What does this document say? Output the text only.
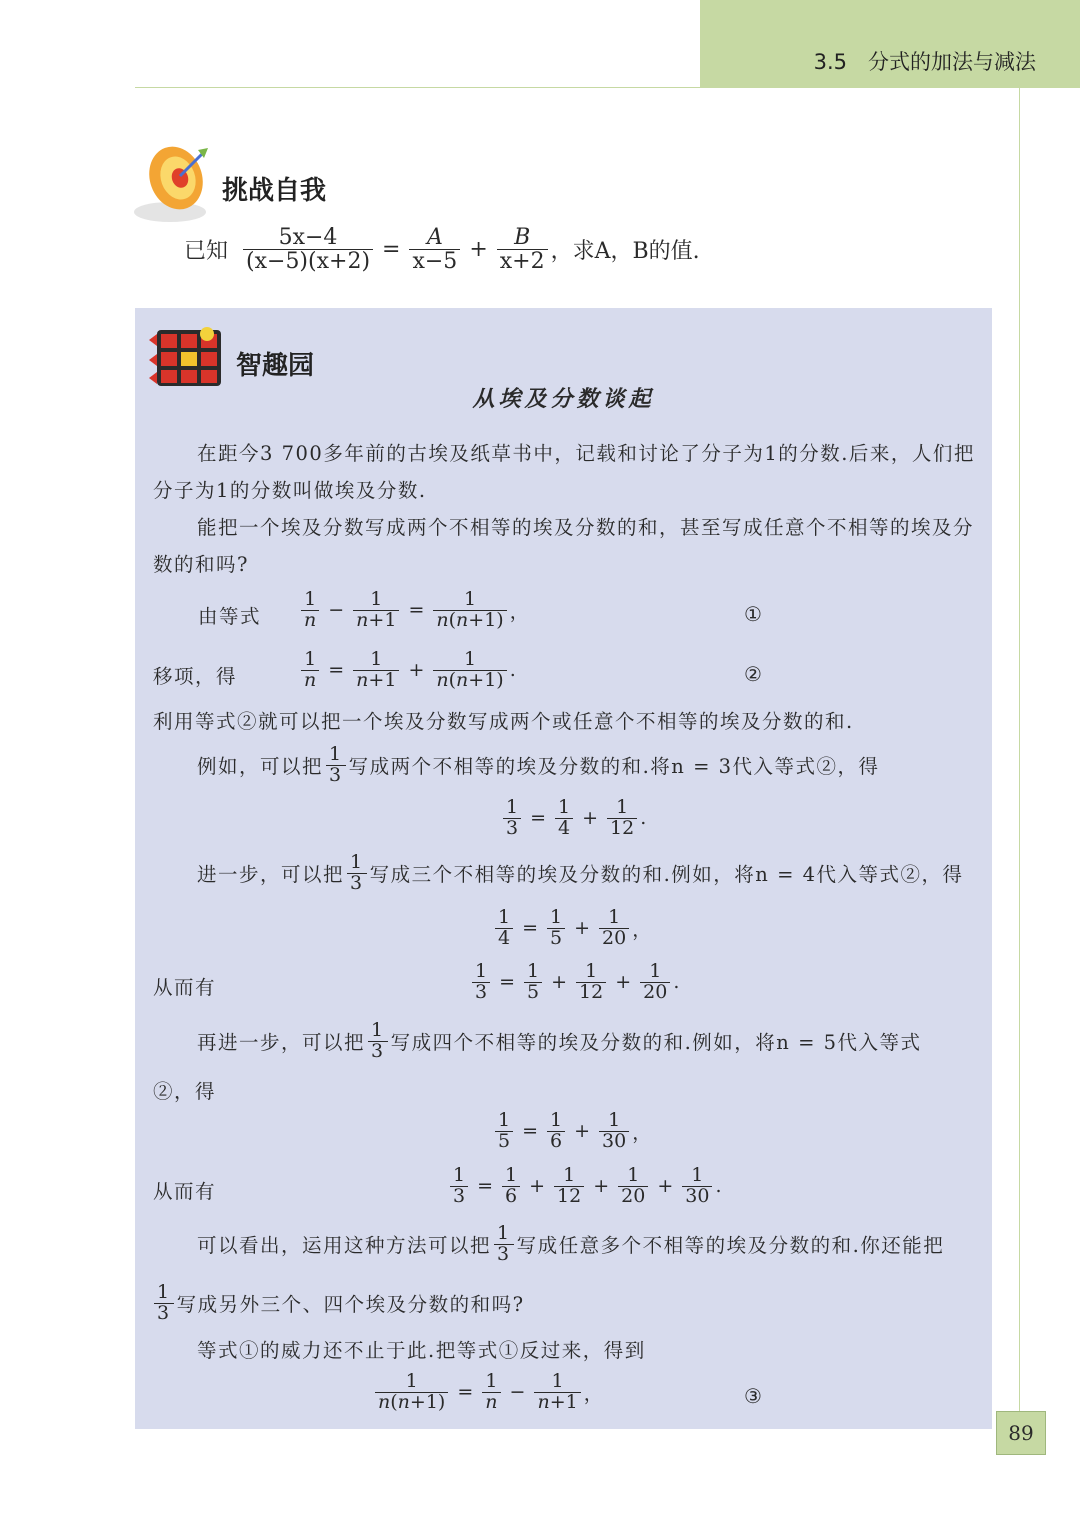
3.5　分式的加法与减法
挑战自我
已知 $\frac{5x-4}{(x-5)(x+2)} = \frac{A}{x-5} + \frac{B}{x+2}$ ，求A，B的值.
智趣园
从埃及分数谈起
在距今3 700多年前的古埃及纸草书中，记载和讨论了分子为1的分数.后来，人们把分子为1的分数叫做埃及分数.
能把一个埃及分数写成两个不相等的埃及分数的和，甚至写成任意个不相等的埃及分数的和吗?
由等式 $\frac{1}{n} - \frac{1}{n+1} = \frac{1}{n(n+1)}$ ，	①
移项，得	$\frac{1}{n} = \frac{1}{n+1} + \frac{1}{n(n+1)}$ .	②
利用等式②就可以把一个埃及分数写成两个或任意个不相等的埃及分数的和.
例如，可以把 $\frac{1}{3}$ 写成两个不相等的埃及分数的和.将n = 3代入等式②，得
$\frac{1}{3} = \frac{1}{4} + \frac{1}{12}$ .
进一步，可以把 $\frac{1}{3}$ 写成三个不相等的埃及分数的和.例如，将n = 4代入等式②，得
$\frac{1}{4} = \frac{1}{5} + \frac{1}{20}$ ，
从而有	$\frac{1}{3} = \frac{1}{5} + \frac{1}{12} + \frac{1}{20}$ .
再进一步，可以把 $\frac{1}{3}$ 写成四个不相等的埃及分数的和.例如，将n = 5代入等式
②，得
$\frac{1}{5} = \frac{1}{6} + \frac{1}{30}$ ，
从而有	$\frac{1}{3} = \frac{1}{6} + \frac{1}{12} + \frac{1}{20} + \frac{1}{30}$ .
可以看出，运用这种方法可以把 $\frac{1}{3}$ 写成任意多个不相等的埃及分数的和.你还能把
$\frac{1}{3}$ 写成另外三个、四个埃及分数的和吗?
等式①的威力还不止于此.把等式①反过来，得到
$\frac{1}{n(n+1)} = \frac{1}{n} - \frac{1}{n+1}$ ，	③
89
